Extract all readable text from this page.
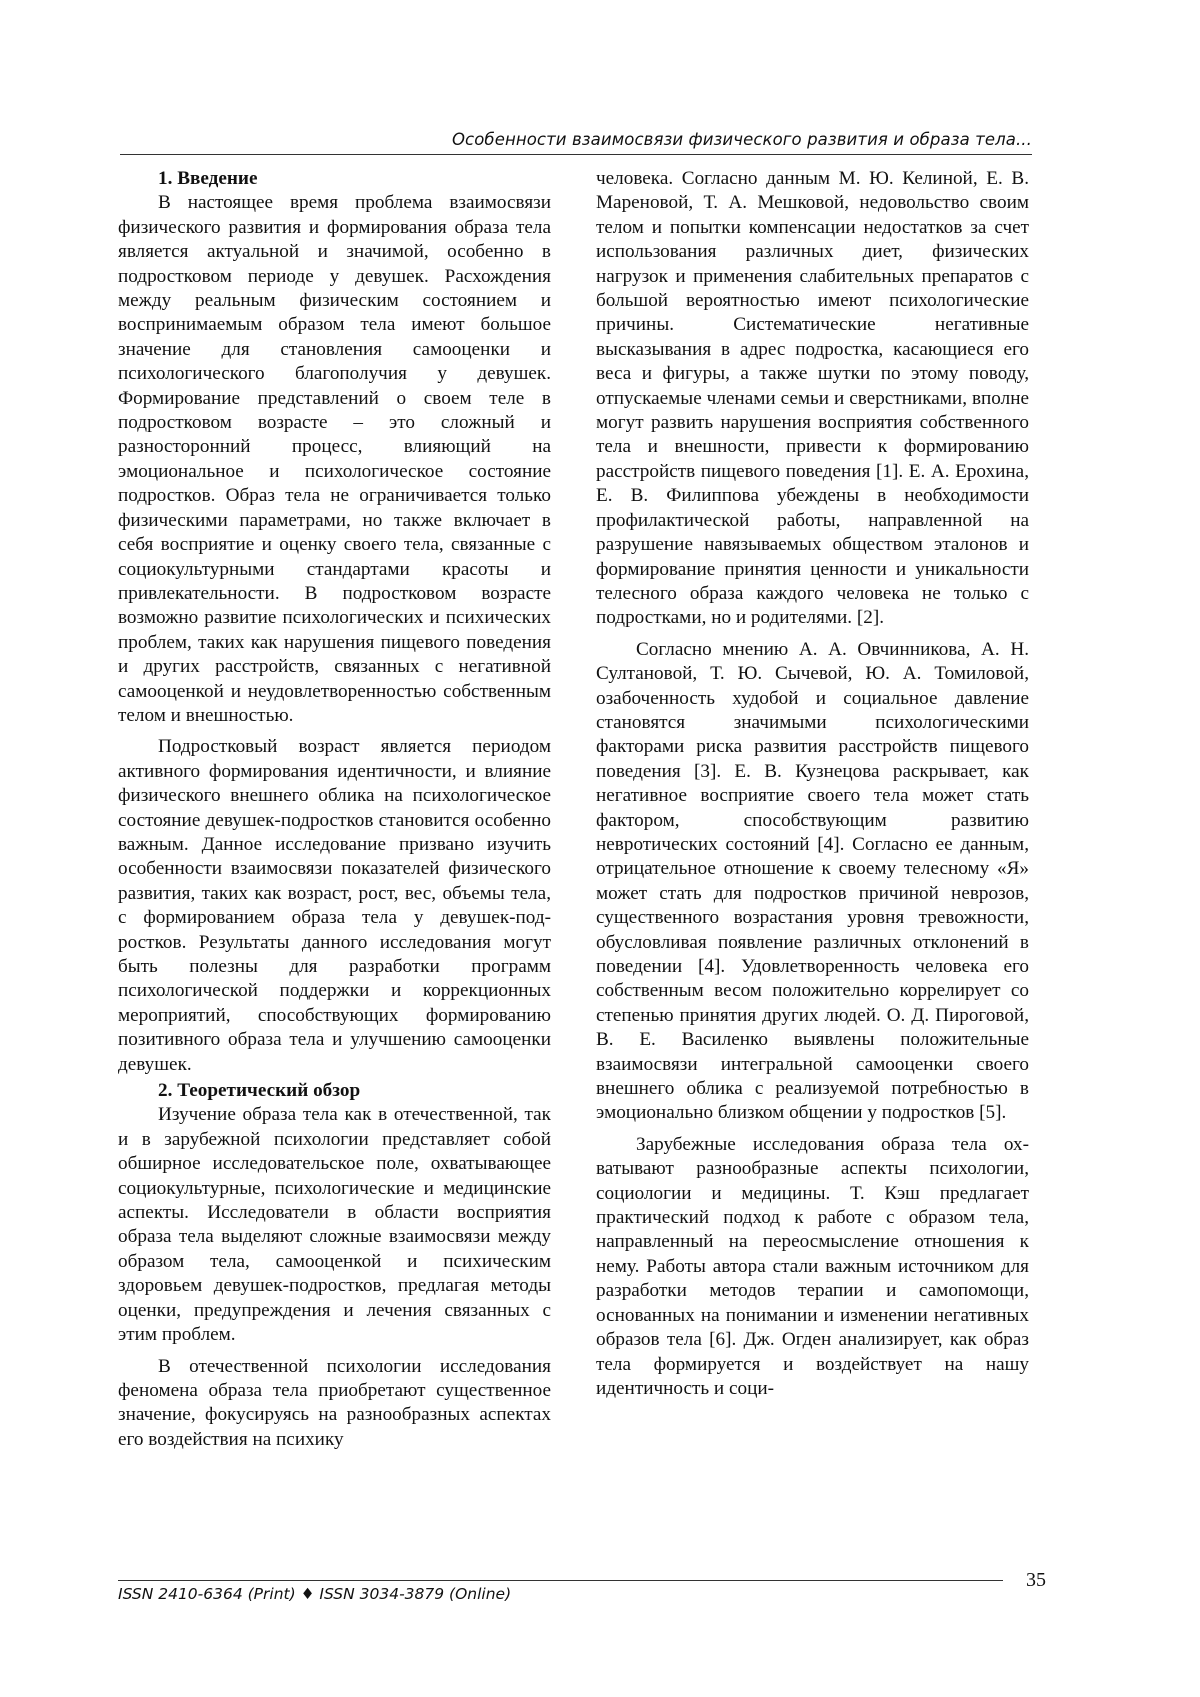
Особенности взаимосвязи физического развития и образа тела...
1. Введение

В настоящее время проблема взаимосвязи физического развития и формирования образа тела является актуальной и значимой, особенно в подростковом периоде у девушек. Расхождения между реальным физическим состоянием и воспринимаемым образом тела имеют большое значение для становления самооценки и психологического благополучия у девушек. Формирование представлений о своем теле в подростковом возрасте – это сложный и разносторонний процесс, влияющий на эмоциональное и психологическое состояние подростков. Образ тела не ограничивается только физическими параметрами, но также включает в себя восприятие и оценку своего тела, связанные с социокультурными стандартами красоты и привлекательности. В подростковом возрасте возможно развитие психологических и психических проблем, таких как нарушения пищевого поведения и других расстройств, связанных с негативной самооценкой и неудовлетворенностью собственным телом и внешностью.

Подростковый возраст является периодом активного формирования идентичности, и влияние физического внешнего облика на психологическое состояние девушек-подростков становится особенно важным. Данное исследование призвано изучить особенности взаимосвязи показателей физического развития, таких как возраст, рост, вес, объемы тела, с формированием образа тела у девушек-подростков. Результаты данного исследования могут быть полезны для разработки программ психологической поддержки и коррекционных мероприятий, способствующих формированию позитивного образа тела и улучшению самооценки девушек.

2. Теоретический обзор

Изучение образа тела как в отечественной, так и в зарубежной психологии представляет собой обширное исследовательское поле, охватывающее социокультурные, психологические и медицинские аспекты. Исследователи в области восприятия образа тела выделяют сложные взаимосвязи между образом тела, самооценкой и психическим здоровьем девушек-подростков, предлагая методы оценки, предупреждения и лечения связанных с этим проблем.

В отечественной психологии исследования феномена образа тела приобретают существенное значение, фокусируясь на разнообразных аспектах его воздействия на психику

человека. Согласно данным М. Ю. Келиной, Е. В. Мареновой, Т. А. Мешковой, недовольство своим телом и попытки компенсации недостатков за счет использования различных диет, физических нагрузок и применения слабительных препаратов с большой вероятностью имеют психологические причины. Систематические негативные высказывания в адрес подростка, касающиеся его веса и фигуры, а также шутки по этому поводу, отпускаемые членами семьи и сверстниками, вполне могут развить нарушения восприятия собственного тела и внешности, привести к формированию расстройств пищевого поведения [1]. Е. А. Ерохина, Е. В. Филиппова убеждены в необходимости профилактической работы, направленной на разрушение навязываемых обществом эталонов и формирование принятия ценности и уникальности телесного образа каждого человека не только с подростками, но и родителями. [2].

Согласно мнению А. А. Овчинникова, А. Н. Султановой, Т. Ю. Сычевой, Ю. А. Томиловой, озабоченность худобой и социальное давление становятся значимыми психологическими факторами риска развития расстройств пищевого поведения [3]. Е. В. Кузнецова раскрывает, как негативное восприятие своего тела может стать фактором, способствующим развитию невротических состояний [4]. Согласно ее данным, отрицательное отношение к своему телесному «Я» может стать для подростков причиной неврозов, существенного возрастания уровня тревожности, обусловливая появление различных отклонений в поведении [4]. Удовлетворенность человека его собственным весом положительно коррелирует со степенью принятия других людей. О. Д. Пироговой, В. Е. Василенко выявлены положительные взаимосвязи интегральной самооценки своего внешнего облика с реализуемой потребностью в эмоционально близком общении у подростков [5].

Зарубежные исследования образа тела охватывают разнообразные аспекты психологии, социологии и медицины. Т. Кэш предлагает практический подход к работе с образом тела, направленный на переосмысление отношения к нему. Работы автора стали важным источником для разработки методов терапии и самопомощи, основанных на понимании и изменении негативных образов тела [6]. Дж. Огден анализирует, как образ тела формируется и воздействует на нашу идентичность и соци-

ISSN 2410-6364 (Print) ♦ ISSN 3034-3879 (Online)
35
